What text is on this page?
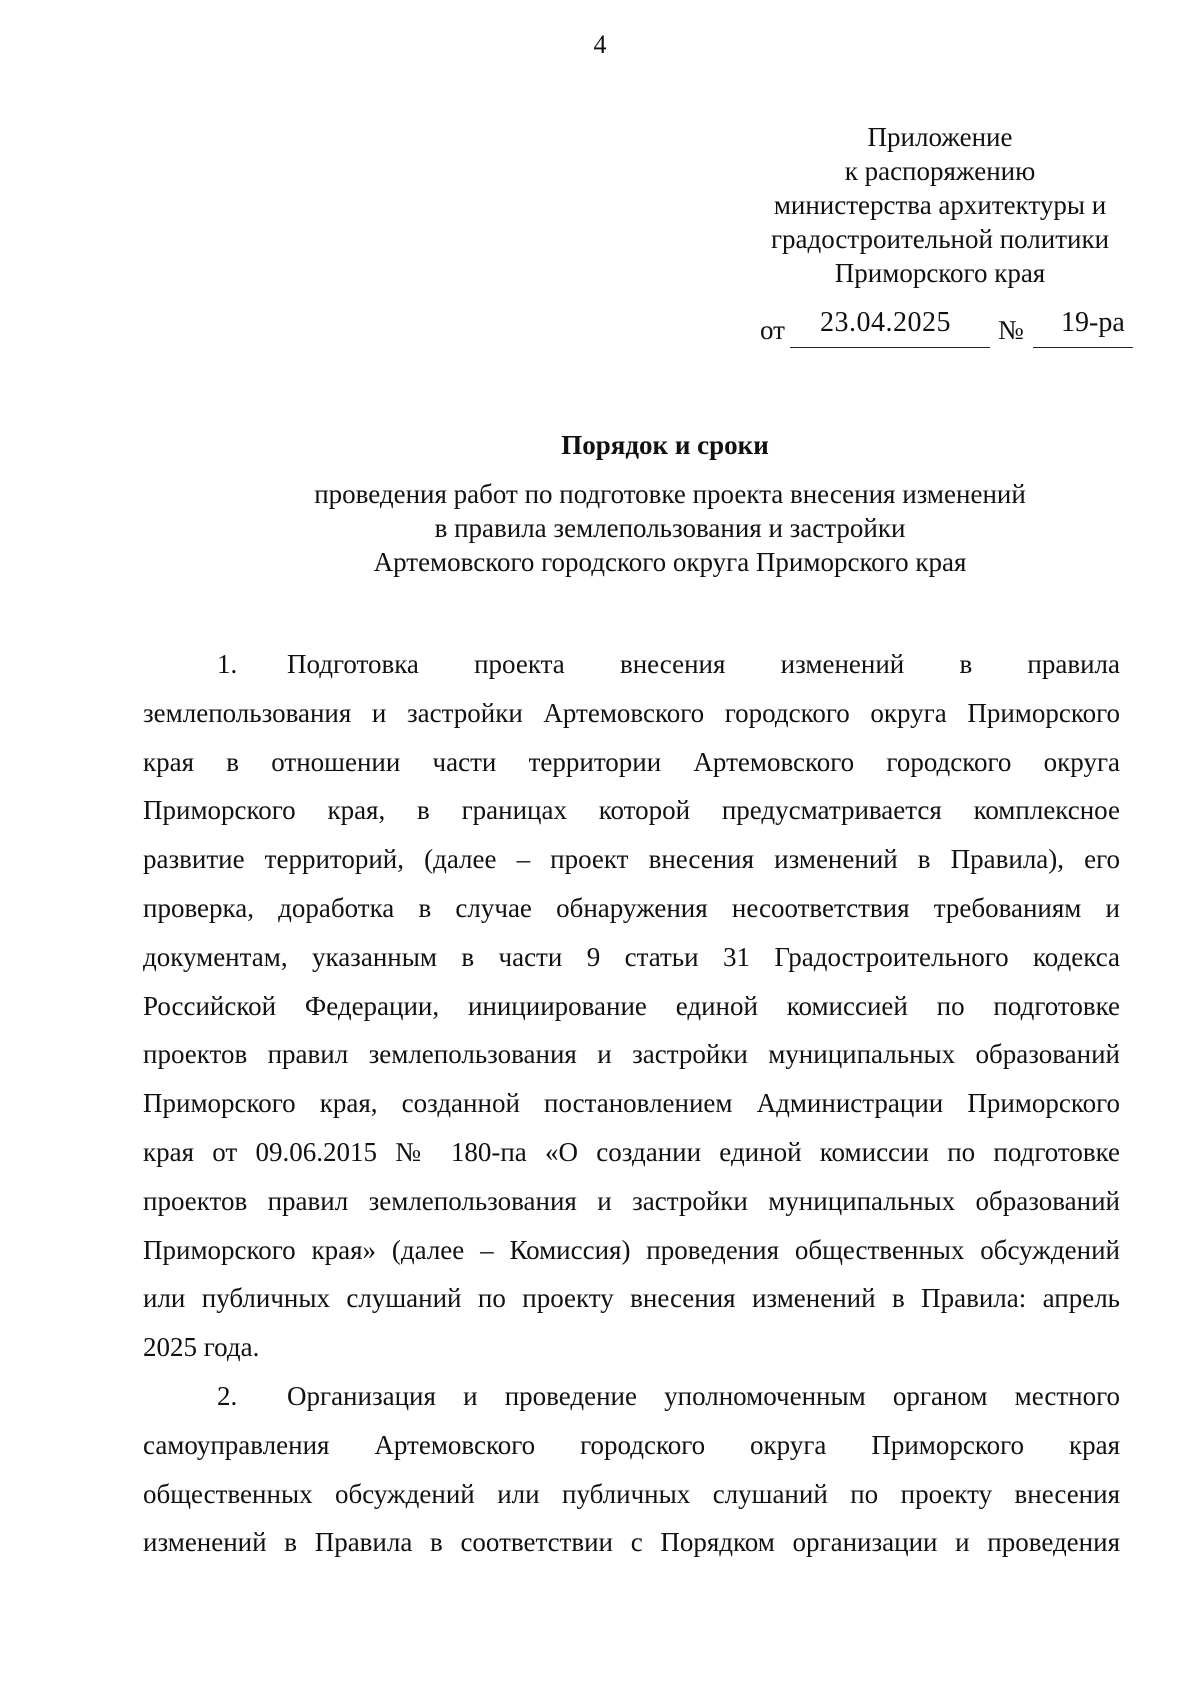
4
Приложение
к распоряжению
министерства архитектуры и
градостроительной политики
Приморского края
от 23.04.2025 № 19-ра
Порядок и сроки
проведения работ по подготовке проекта внесения изменений
в правила землепользования и застройки
Артемовского городского округа Приморского края
1.	Подготовка проекта внесения изменений в правила
землепользования и застройки Артемовского городского округа Приморского
края в отношении части территории Артемовского городского округа
Приморского края, в границах которой предусматривается комплексное
развитие территорий, (далее – проект внесения изменений в Правила), его
проверка, доработка в случае обнаружения несоответствия требованиям и
документам, указанным в части 9 статьи 31 Градостроительного кодекса
Российской Федерации, инициирование единой комиссией по подготовке
проектов правил землепользования и застройки муниципальных образований
Приморского края, созданной постановлением Администрации Приморского
края от 09.06.2015 № 180-па «О создании единой комиссии по подготовке
проектов правил землепользования и застройки муниципальных образований
Приморского края» (далее – Комиссия) проведения общественных обсуждений
или публичных слушаний по проекту внесения изменений в Правила: апрель
2025 года.
2.	Организация и проведение уполномоченным органом местного
самоуправления Артемовского городского округа Приморского края
общественных обсуждений или публичных слушаний по проекту внесения
изменений в Правила в соответствии с Порядком организации и проведения
